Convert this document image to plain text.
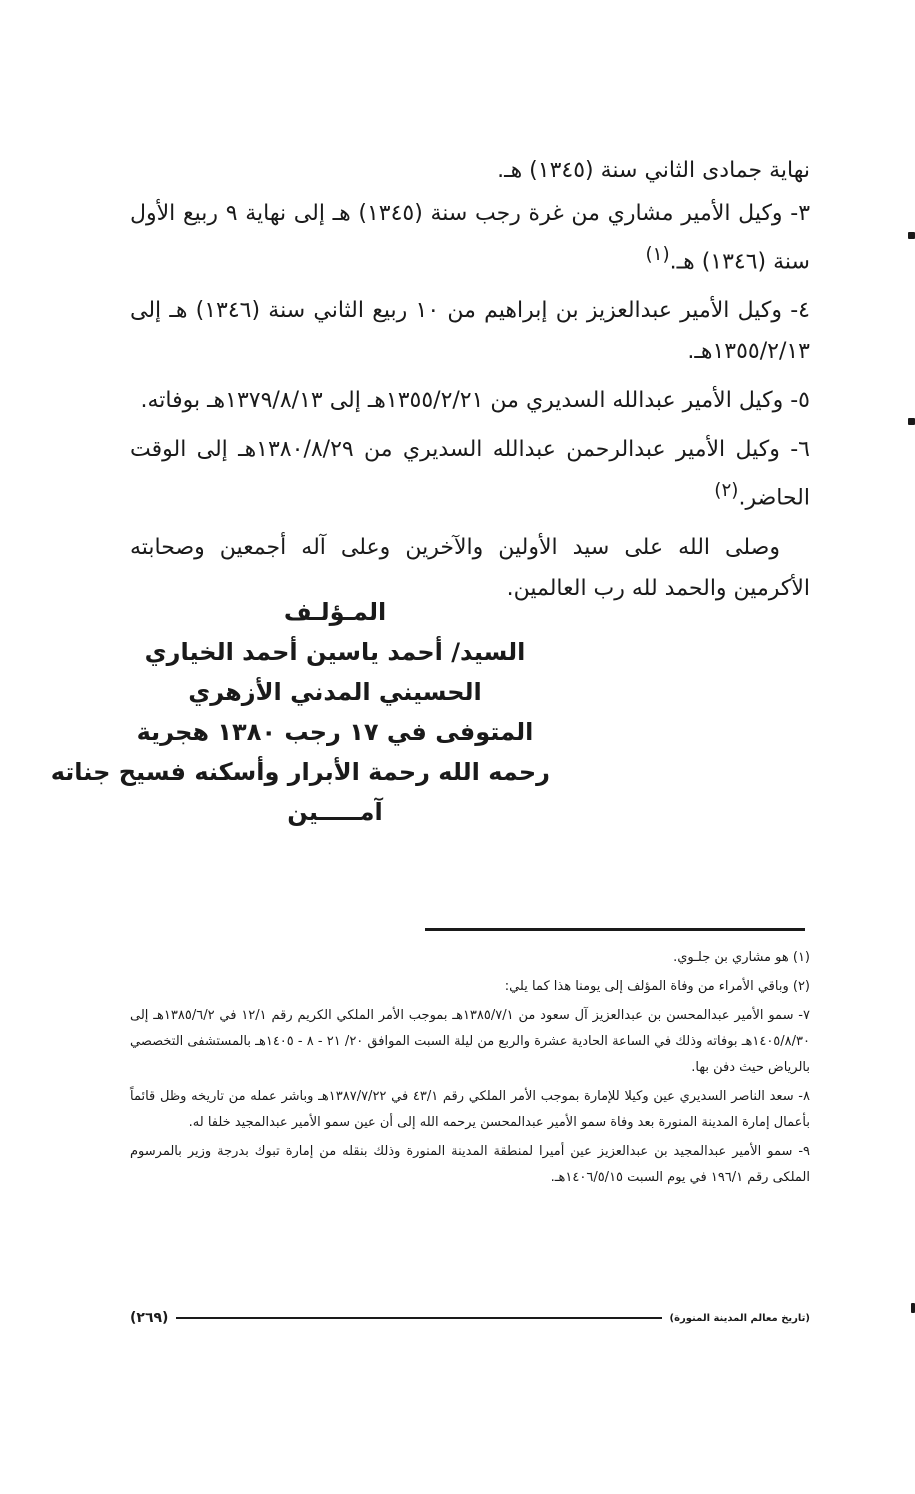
نهاية جمادى الثاني سنة (١٣٤٥) هـ.

٣- وكيل الأمير مشاري من غرة رجب سنة (١٣٤٥) هـ إلى نهاية ٩ ربيع الأول سنة (١٣٤٦) هـ.$^{(١)}$

٤- وكيل الأمير عبدالعزيز بن إبراهيم من ١٠ ربيع الثاني سنة (١٣٤٦) هـ إلى ١٣٥٥/٢/١٣هـ.

٥- وكيل الأمير عبدالله السديري من ١٣٥٥/٢/٢١هـ إلى ١٣٧٩/٨/١٣هـ بوفاته.

٦- وكيل الأمير عبدالرحمن عبدالله السديري من ١٣٨٠/٨/٢٩هـ إلى الوقت الحاضر.$^{(٢)}$

وصلى الله على سيد الأولين والآخرين وعلى آله أجمعين وصحابته الأكرمين والحمد لله رب العالمين.

المـؤلـف
السيد/ أحمد ياسين أحمد الخياري
الحسيني المدني الأزهري
المتوفى في ١٧ رجب ١٣٨٠ هجرية
رحمه الله رحمة الأبرار وأسكنه فسيح جناته
آمـــــين

(١) هو مشاري بن جلـوي.

(٢) وباقي الأمراء من وفاة المؤلف إلى يومنا هذا كما يلي:

٧- سمو الأمير عبدالمحسن بن عبدالعزيز آل سعود من ١٣٨٥/٧/١هـ بموجب الأمر الملكي الكريم رقم ١٢/١ في ١٣٨٥/٦/٢هـ إلى ١٤٠٥/٨/٣٠هـ بوفاته وذلك في الساعة الحادية عشرة والربع من ليلة السبت الموافق ٢٠/ ٢١ - ٨ - ١٤٠٥هـ بالمستشفى التخصصي بالرياض حيث دفن بها.

٨- سعد الناصر السديري عين وكيلا للإمارة بموجب الأمر الملكي رقم ٤٣/١ في ١٣٨٧/٧/٢٢هـ وباشر عمله من تاريخه وظل قائماً بأعمال إمارة المدينة المنورة بعد وفاة سمو الأمير عبدالمحسن يرحمه الله إلى أن عين سمو الأمير عبدالمجيد خلفا له.

٩- سمو الأمير عبدالمجيد بن عبدالعزيز عين أميرا لمنطقة المدينة المنورة وذلك بنقله من إمارة تبوك بدرجة وزير بالمرسوم الملكى رقم ١٩٦/١ في يوم السبت ١٤٠٦/٥/١٥هـ.

(تاريخ معالم المدينة المنورة)
(٢٦٩)
